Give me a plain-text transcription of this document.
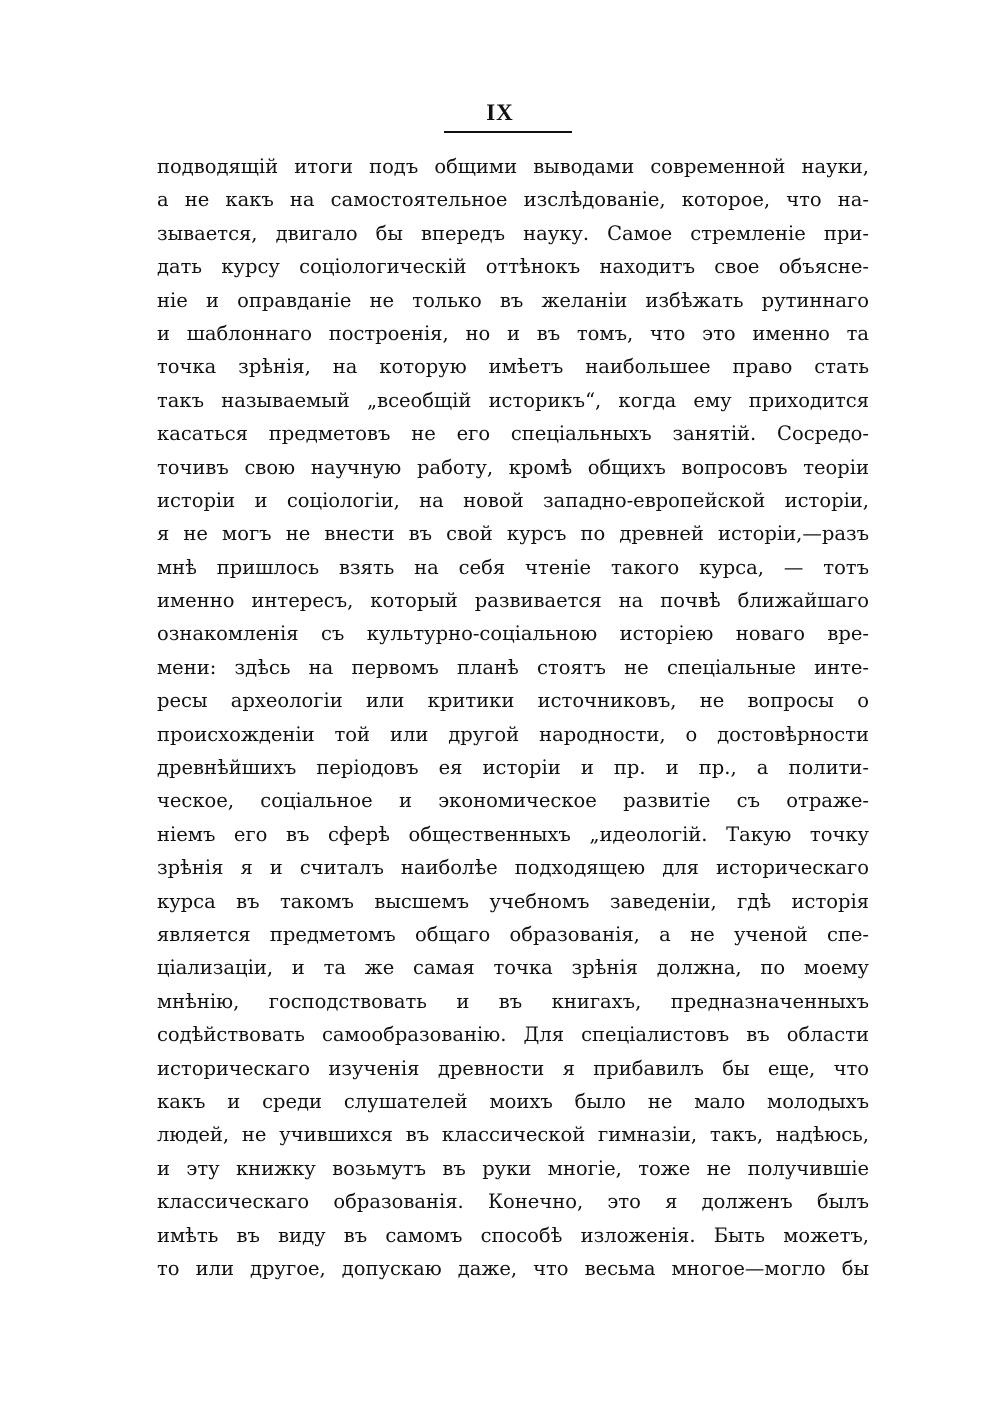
IX
подводящій итоги подъ общими выводами современной науки,
а не какъ на самостоятельное изслѣдованіе, которое, что на-
зывается, двигало бы впередъ науку. Самое стремленіе при-
дать курсу соціологическій оттѣнокъ находитъ свое объясне-
ніе и оправданіе не только въ желаніи избѣжать рутиннаго
и шаблоннаго построенія, но и въ томъ, что это именно та
точка зрѣнія, на которую имѣетъ наибольшее право стать
такъ называемый „всеобщій историкъ“, когда ему приходится
касаться предметовъ не его спеціальныхъ занятій. Сосредо-
точивъ свою научную работу, кромѣ общихъ вопросовъ теоріи
исторіи и соціологіи, на новой западно-европейской исторіи,
я не могъ не внести въ свой курсъ по древней исторіи,—разъ
мнѣ пришлось взять на себя чтеніе такого курса, — тотъ
именно интересъ, который развивается на почвѣ ближайшаго
ознакомленія съ культурно-соціальною исторіею новаго вре-
мени: здѣсь на первомъ планѣ стоятъ не спеціальные инте-
ресы археологіи или критики источниковъ, не вопросы о
происхожденіи той или другой народности, о достовѣрности
древнѣйшихъ періодовъ ея исторіи и пр. и пр., а полити-
ческое, соціальное и экономическое развитіе съ отраже-
ніемъ его въ сферѣ общественныхъ „идеологій. Такую точку
зрѣнія я и считалъ наиболѣе подходящею для историческаго
курса въ такомъ высшемъ учебномъ заведеніи, гдѣ исторія
является предметомъ общаго образованія, а не ученой спе-
ціализаціи, и та же самая точка зрѣнія должна, по моему
мнѣнію, господствовать и въ книгахъ, предназначенныхъ
содѣйствовать самообразованію. Для спеціалистовъ въ области
историческаго изученія древности я прибавилъ бы еще, что
какъ и среди слушателей моихъ было не мало молодыхъ
людей, не учившихся въ классической гимназіи, такъ, надѣюсь,
и эту книжку возьмутъ въ руки многіе, тоже не получившіе
классическаго образованія. Конечно, это я долженъ былъ
имѣть въ виду въ самомъ способѣ изложенія. Быть можетъ,
то или другое, допускаю даже, что весьма многое—могло бы
